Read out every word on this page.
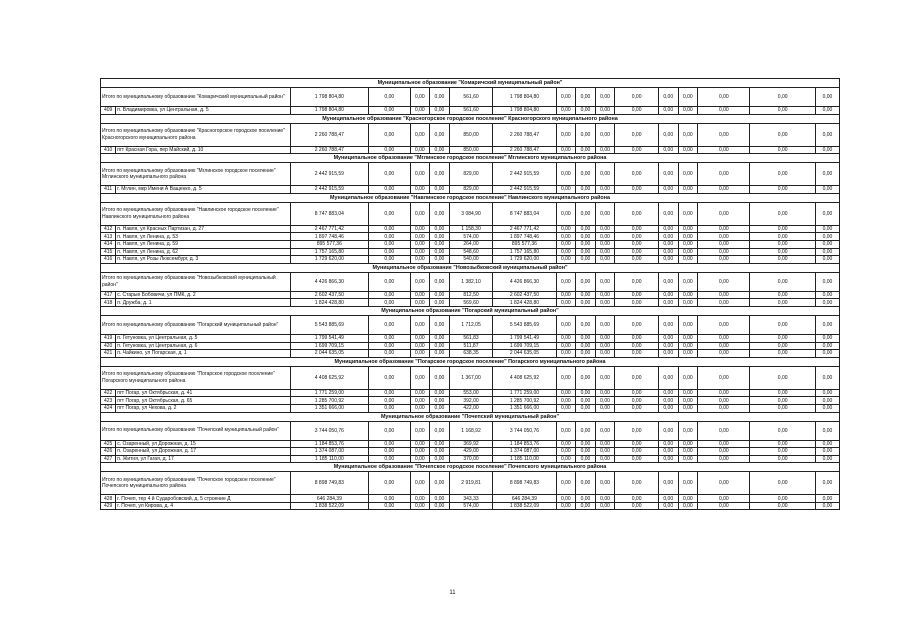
Муниципальное образование "Комаричский муниципальный район"																
Итого по муниципальному образованию "Комаричский муниципальный район"		1 798 804,80	0,00	0,00	0,00	561,60	1 798 804,80	0,00	0,00	0,00	0,00	0,00	0,00	0,00	0,00	0,00
409	п. Владимировка, ул Центральная, д. 5	1 798 804,80	0,00	0,00	0,00	561,60	1 798 804,80	0,00	0,00	0,00	0,00	0,00	0,00	0,00	0,00	0,00
Муниципальное образование "Красногорское городское поселение" Красногорского муниципального района																
Итого по муниципальному образованию "Красногорское городское поселение" Красногорского муниципального района		2 260 788,47	0,00	0,00	0,00	850,00	2 260 788,47	0,00	0,00	0,00	0,00	0,00	0,00	0,00	0,00	0,00
410	пгт Красная Гора, пер Майский, д. 10	2 260 788,47	0,00	0,00	0,00	850,00	2 260 788,47	0,00	0,00	0,00	0,00	0,00	0,00	0,00	0,00	0,00
Муниципальное образование "Мглинское городское поселение" Мглинского муниципального района																
Итого по муниципальному образованию "Мглинское городское поселение" Мглинского муниципального района		2 442 915,59	0,00	0,00	0,00	829,00	2 442 915,59	0,00	0,00	0,00	0,00	0,00	0,00	0,00	0,00	0,00
411	г. Мглин, мкр Имени А Ващенко, д. 5	2 442 915,59	0,00	0,00	0,00	829,00	2 442 915,59	0,00	0,00	0,00	0,00	0,00	0,00	0,00	0,00	0,00
Муниципальное образование "Навлинское городское поселение" Навлинского муниципального района																
Итого по муниципальному образованию "Навлинское городское поселение" Навлинского муниципального района		8 747 883,04	0,00	0,00	0,00	3 084,90	8 747 883,04	0,00	0,00	0,00	0,00	0,00	0,00	0,00	0,00	0,00
412	п. Навля, ул Красных Партизан, д. 27	2 467 771,42	0,00	0,00	0,00	1 158,30	2 467 771,42	0,00	0,00	0,00	0,00	0,00	0,00	0,00	0,00	0,00
413	п. Навля, ул Ленина, д. 53	1 897 748,46	0,00	0,00	0,00	574,00	1 897 748,46	0,00	0,00	0,00	0,00	0,00	0,00	0,00	0,00	0,00
414	п. Навля, ул Ленина, д. 59	895 577,36	0,00	0,00	0,00	264,00	895 577,36	0,00	0,00	0,00	0,00	0,00	0,00	0,00	0,00	0,00
415	п. Навля, ул Ленина, д. 62	1 757 165,80	0,00	0,00	0,00	548,60	1 757 165,80	0,00	0,00	0,00	0,00	0,00	0,00	0,00	0,00	0,00
416	п. Навля, ул Розы Люксембург, д. 3	1 729 620,00	0,00	0,00	0,00	540,00	1 729 620,00	0,00	0,00	0,00	0,00	0,00	0,00	0,00	0,00	0,00
Муниципальное образование "Новозыбковский муниципальный район"																
Итого по муниципальному образованию "Новозыбковский муниципальный район"		4 426 866,30	0,00	0,00	0,00	1 382,10	4 426 866,30	0,00	0,00	0,00	0,00	0,00	0,00	0,00	0,00	0,00
417	с. Старые Бобовичи, ул ПМК, д. 2	2 602 437,50	0,00	0,00	0,00	812,50	2 602 437,50	0,00	0,00	0,00	0,00	0,00	0,00	0,00	0,00	0,00
418	п. Дружба, д. 1	1 824 428,80	0,00	0,00	0,00	569,60	1 824 428,80	0,00	0,00	0,00	0,00	0,00	0,00	0,00	0,00	0,00
Муниципальное образование "Погарский муниципальный район"																
Итого по муниципальному образованию "Погарский муниципальный район"		5 543 885,69	0,00	0,00	0,00	1 712,05	5 543 885,69	0,00	0,00	0,00	0,00	0,00	0,00	0,00	0,00	0,00
419	п. Гетуновка, ул Центральная, д. 5	1 799 541,49	0,00	0,00	0,00	561,83	1 799 541,49	0,00	0,00	0,00	0,00	0,00	0,00	0,00	0,00	0,00
420	п. Гетуновка, ул Центральная, д. 6	1 699 709,15	0,00	0,00	0,00	511,87	1 699 709,15	0,00	0,00	0,00	0,00	0,00	0,00	0,00	0,00	0,00
421	п. Чайкино, ул Погарская, д. 1	2 044 635,05	0,00	0,00	0,00	638,35	2 044 635,05	0,00	0,00	0,00	0,00	0,00	0,00	0,00	0,00	0,00
Муниципальное образование "Погарское городское поселение" Погарского муниципального района																
Итого по муниципальному образованию "Погарское городское поселение" Погарского муниципального района		4 408 625,92	0,00	0,00	0,00	1 367,00	4 408 625,92	0,00	0,00	0,00	0,00	0,00	0,00	0,00	0,00	0,00
422	пгт Погар, ул Октябрьская, д. 41	1 771 259,00	0,00	0,00	0,00	553,00	1 771 259,00	0,00	0,00	0,00	0,00	0,00	0,00	0,00	0,00	0,00
423	пгт Погар, ул Октябрьская, д. 65	1 285 700,92	0,00	0,00	0,00	392,00	1 285 700,92	0,00	0,00	0,00	0,00	0,00	0,00	0,00	0,00	0,00
424	пгт Погар, ул Чехова, д. 2	1 351 666,00	0,00	0,00	0,00	422,00	1 351 666,00	0,00	0,00	0,00	0,00	0,00	0,00	0,00	0,00	0,00
Муниципальное образование "Почепский муниципальный район"																
Итого по муниципальному образованию "Почепский муниципальный район"		3 744 050,76	0,00	0,00	0,00	1 168,92	3 744 050,76	0,00	0,00	0,00	0,00	0,00	0,00	0,00	0,00	0,00
425	с. Озаренный, ул Дорожная, д. 15	1 184 853,76	0,00	0,00	0,00	369,92	1 184 853,76	0,00	0,00	0,00	0,00	0,00	0,00	0,00	0,00	0,00
426	п. Озаренный, ул Дорожная, д. 17	1 374 087,00	0,00	0,00	0,00	429,00	1 374 087,00	0,00	0,00	0,00	0,00	0,00	0,00	0,00	0,00	0,00
427	п. Житня, ул Гагая, д. 17	1 185 110,00	0,00	0,00	0,00	370,00	1 185 110,00	0,00	0,00	0,00	0,00	0,00	0,00	0,00	0,00	0,00
Муниципальное образование "Почепское городское поселение" Почепского муниципального района																
Итого по муниципальному образованию "Почепское городское поселение" Почепского муниципального района		8 898 749,83	0,00	0,00	0,00	2 919,81	8 898 749,83	0,00	0,00	0,00	0,00	0,00	0,00	0,00	0,00	0,00
428	г. Почеп, тер 4 й Сударобовский, д. 5 строение Д	646 284,39	0,00	0,00	0,00	343,33	646 284,39	0,00	0,00	0,00	0,00	0,00	0,00	0,00	0,00	0,00
429	г. Почеп, ул Кирова, д. 4	1 838 522,09	0,00	0,00	0,00	574,00	1 838 522,09	0,00	0,00	0,00	0,00	0,00	0,00	0,00	0,00	0,00
11
